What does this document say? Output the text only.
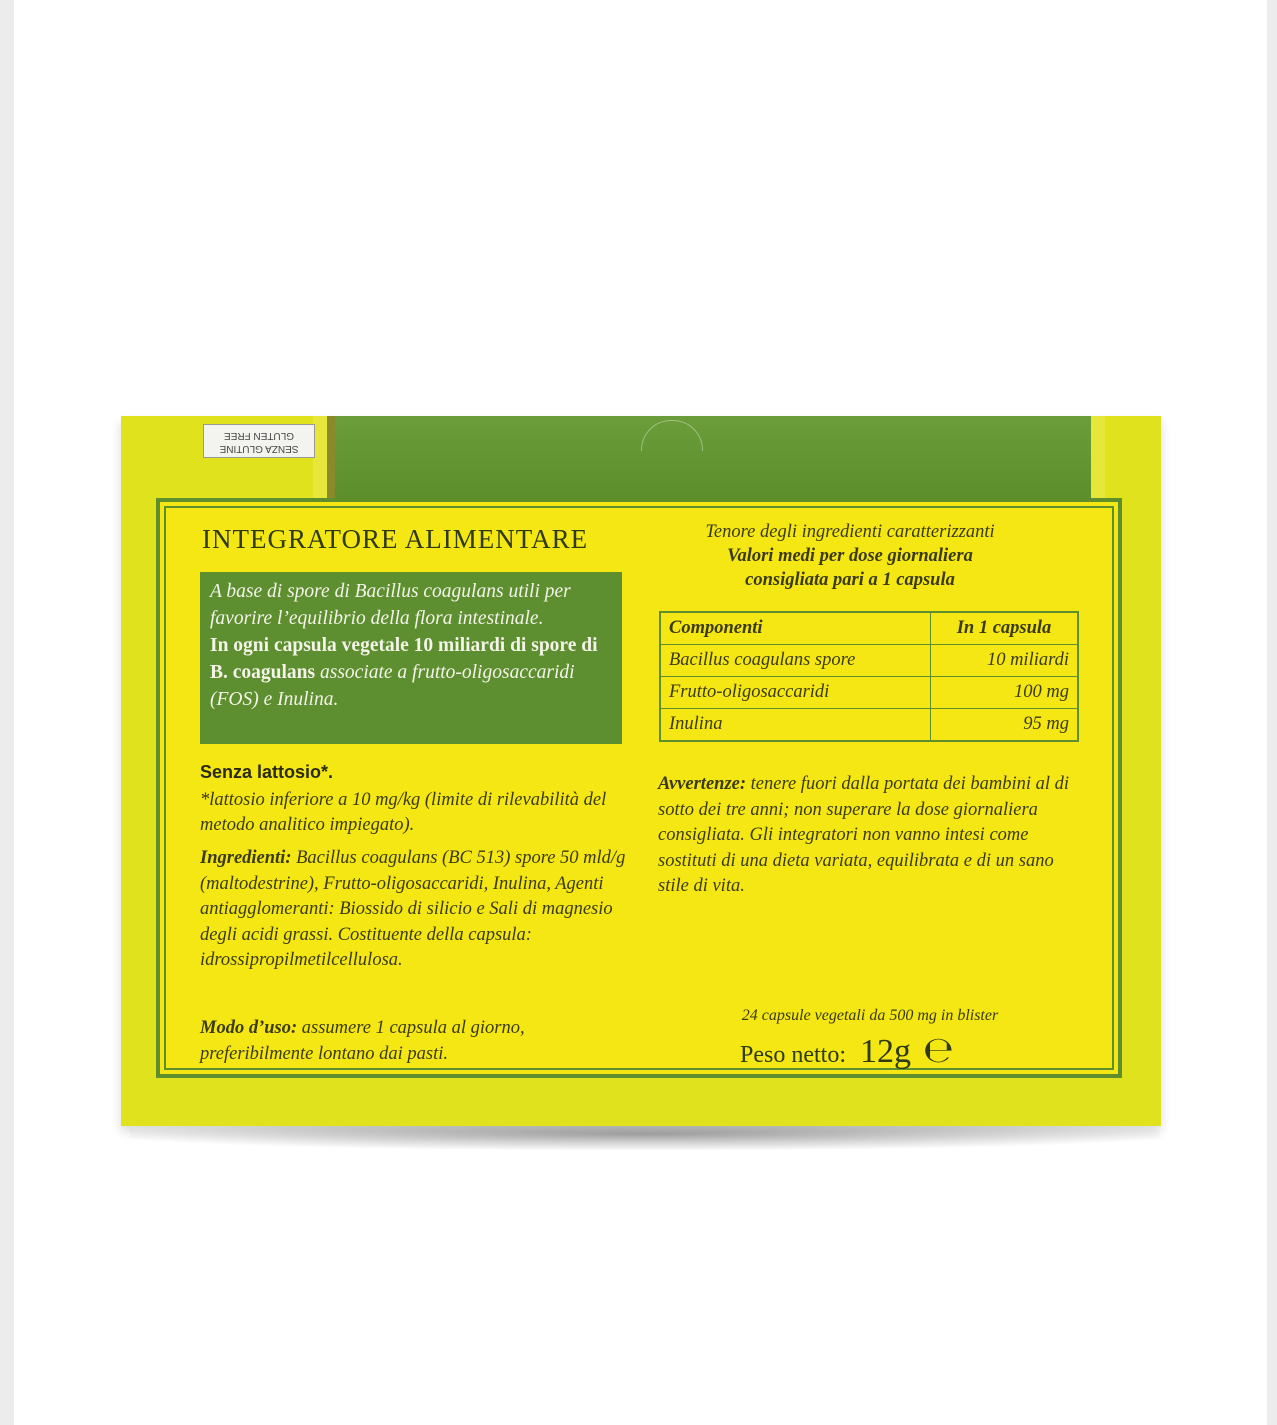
SENZA GLUTINE GLUTEN FREE
INTEGRATORE ALIMENTARE
A base di spore di Bacillus coagulans utili per favorire l’equilibrio della flora intestinale.
In ogni capsula vegetale 10 miliardi di spore di B. coagulans associate a frutto-oligosaccaridi (FOS) e Inulina.
Senza lattosio*.
*lattosio inferiore a 10 mg/kg (limite di rilevabilità del metodo analitico impiegato).
Ingredienti: Bacillus coagulans (BC 513) spore 50 mld/g (maltodestrine), Frutto-oligosaccaridi, Inulina, Agenti antiagglomeranti: Biossido di silicio e Sali di magnesio degli acidi grassi. Costituente della capsula: idrossipropilmetilcellulosa.
Modo d’uso: assumere 1 capsula al giorno, preferibilmente lontano dai pasti.
Tenore degli ingredienti caratterizzanti
Valori medi per dose giornaliera
consigliata pari a 1 capsula
Componenti	In 1 capsula
Bacillus coagulans spore	10 miliardi
Frutto-oligosaccaridi	100 mg
Inulina	95 mg
Avvertenze: tenere fuori dalla portata dei bambini al di sotto dei tre anni; non superare la dose giornaliera consigliata. Gli integratori non vanno intesi come sostituti di una dieta variata, equilibrata e di un sano stile di vita.
24 capsule vegetali da 500 mg in blister
Peso netto: 12g ℮
